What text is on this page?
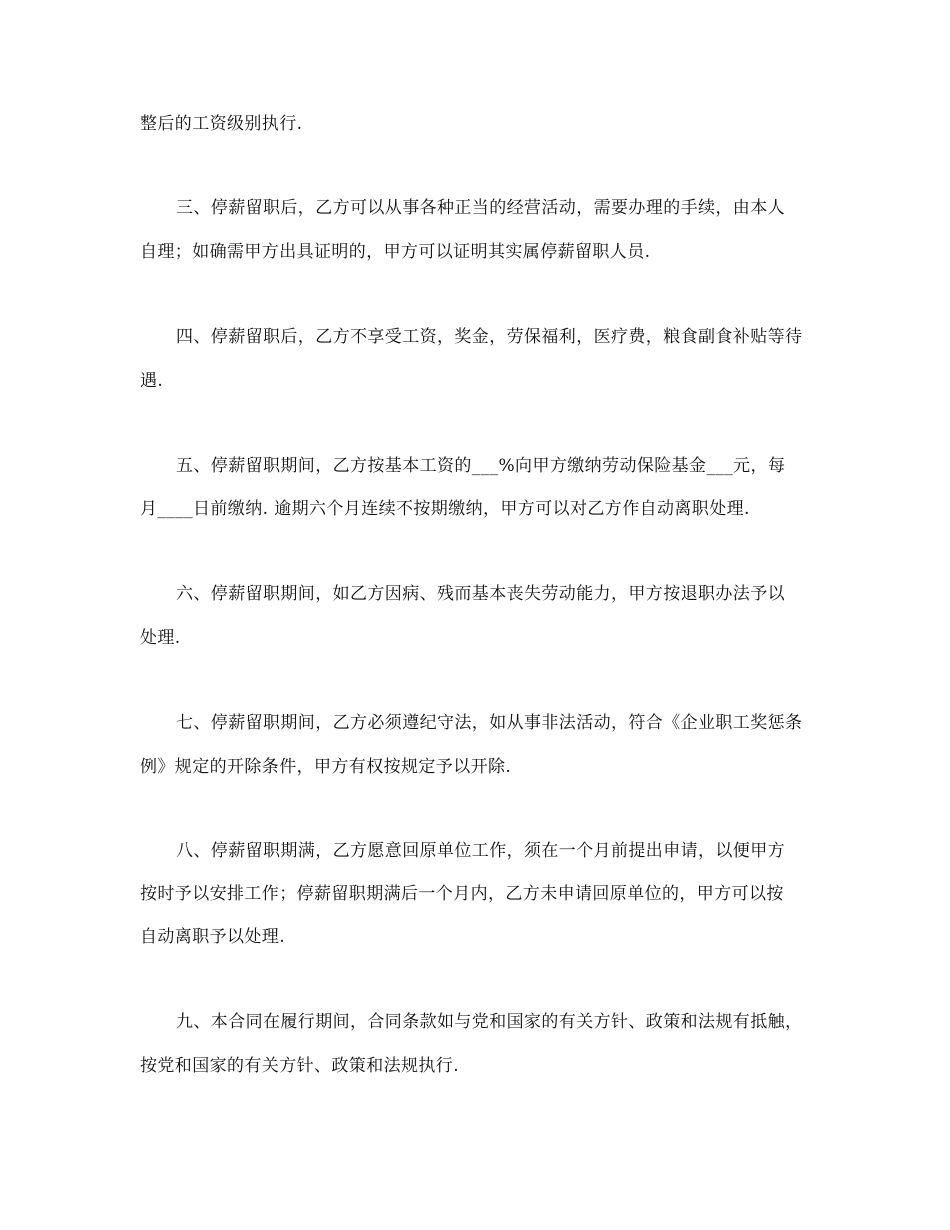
整后的工资级别执行.
三、停薪留职后，乙方可以从事各种正当的经营活动，需要办理的手续，由本人
自理；如确需甲方出具证明的，甲方可以证明其实属停薪留职人员.
四、停薪留职后，乙方不享受工资，奖金，劳保福利，医疗费，粮食副食补贴等待
遇.
五、停薪留职期间，乙方按基本工资的___%向甲方缴纳劳动保险基金___元，每
月____日前缴纳. 逾期六个月连续不按期缴纳，甲方可以对乙方作自动离职处理.
六、停薪留职期间，如乙方因病、残而基本丧失劳动能力，甲方按退职办法予以
处理.
七、停薪留职期间，乙方必须遵纪守法，如从事非法活动，符合《企业职工奖惩条
例》规定的开除条件，甲方有权按规定予以开除.
八、停薪留职期满，乙方愿意回原单位工作，须在一个月前提出申请，以便甲方
按时予以安排工作；停薪留职期满后一个月内，乙方未申请回原单位的，甲方可以按
自动离职予以处理.
九、本合同在履行期间，合同条款如与党和国家的有关方针、政策和法规有抵触，
按党和国家的有关方针、政策和法规执行.
